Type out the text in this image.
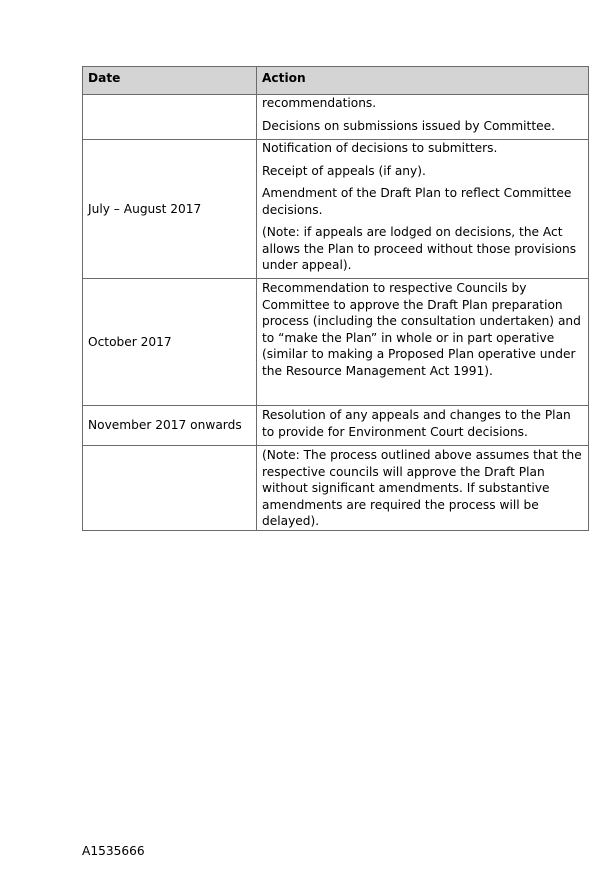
Date	Action

	recommendations.

Decisions on submissions issued by Committee.

July – August 2017	Notification of decisions to submitters.

Receipt of appeals (if any).

Amendment of the Draft Plan to reflect Committee decisions.

(Note: if appeals are lodged on decisions, the Act allows the Plan to proceed without those provisions under appeal).

October 2017	Recommendation to respective Councils by Committee to approve the Draft Plan preparation process (including the consultation undertaken) and to “make the Plan” in whole or in part operative (similar to making a Proposed Plan operative under the Resource Management Act 1991).

November 2017 onwards	Resolution of any appeals and changes to the Plan to provide for Environment Court decisions.

	(Note: The process outlined above assumes that the respective councils will approve the Draft Plan without significant amendments. If substantive amendments are required the process will be delayed).

A1535666
